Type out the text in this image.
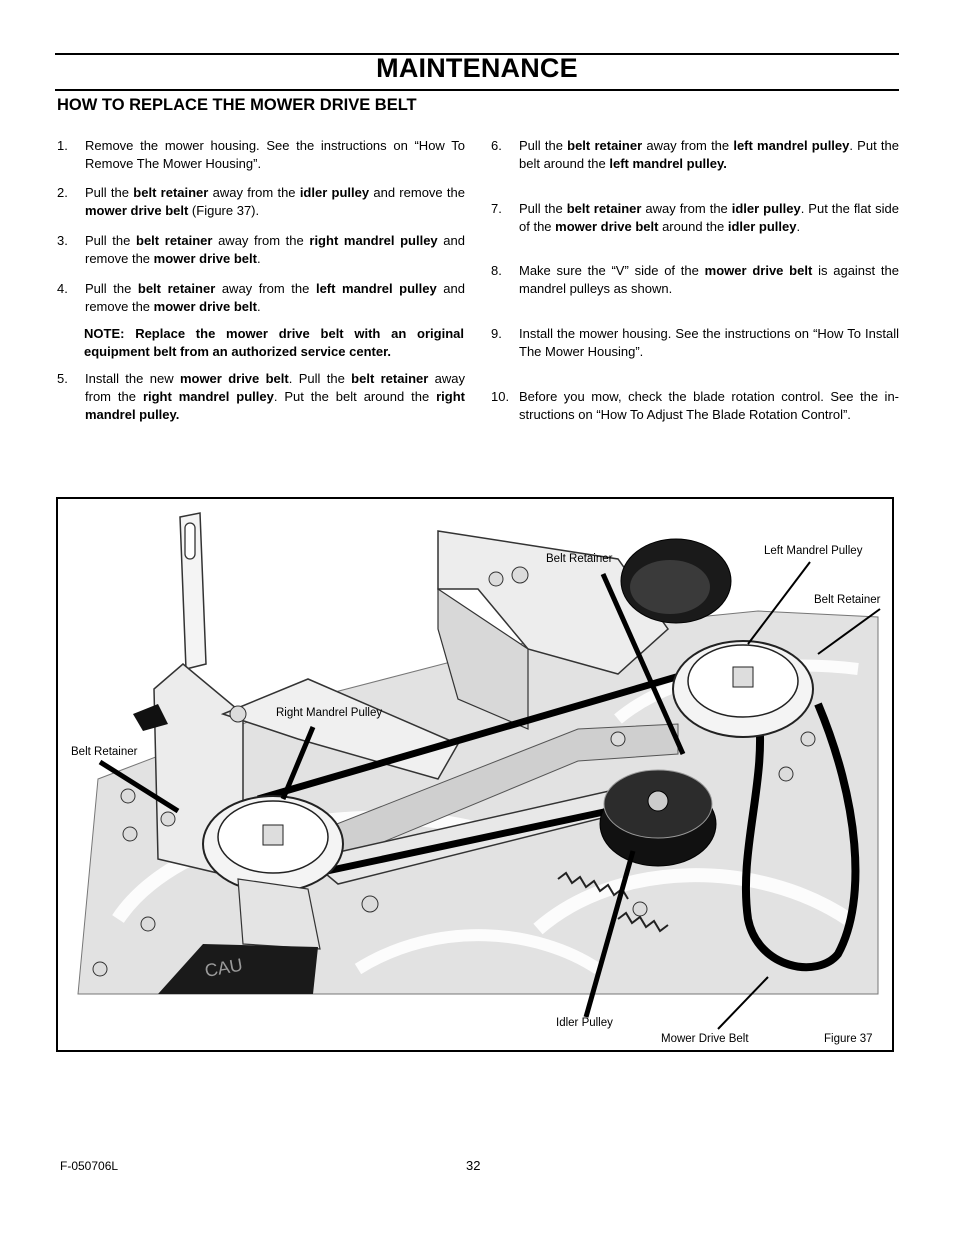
MAINTENANCE
HOW TO REPLACE THE MOWER DRIVE BELT
1. Remove the mower housing. See the instructions on “How To Remove The Mower Housing”.
2. Pull the belt retainer away from the idler pulley and remove the mower drive belt (Figure 37).
3. Pull the belt retainer away from the right mandrel pulley and remove the mower drive belt.
4. Pull the belt retainer away from the left mandrel pulley and remove the mower drive belt.
NOTE: Replace the mower drive belt with an original equipment belt from an authorized service center.
5. Install the new mower drive belt. Pull the belt retainer away from the right mandrel pulley. Put the belt around the right mandrel pulley.
6. Pull the belt retainer away from the left mandrel pulley. Put the belt around the left mandrel pulley.
7. Pull the belt retainer away from the idler pulley. Put the flat side of the mower drive belt around the idler pulley.
8. Make sure the “V” side of the mower drive belt is against the mandrel pulleys as shown.
9. Install the mower housing. See the instructions on “How To Install The Mower Housing”.
10. Before you mow, check the blade rotation control. See the in-structions on “How To Adjust The Blade Rotation Control”.
CAU
Belt Retainer
Left Mandrel Pulley
Belt Retainer
Right Mandrel Pulley
Belt Retainer
Idler Pulley
Mower Drive Belt	Figure 37
F-050706L	32
